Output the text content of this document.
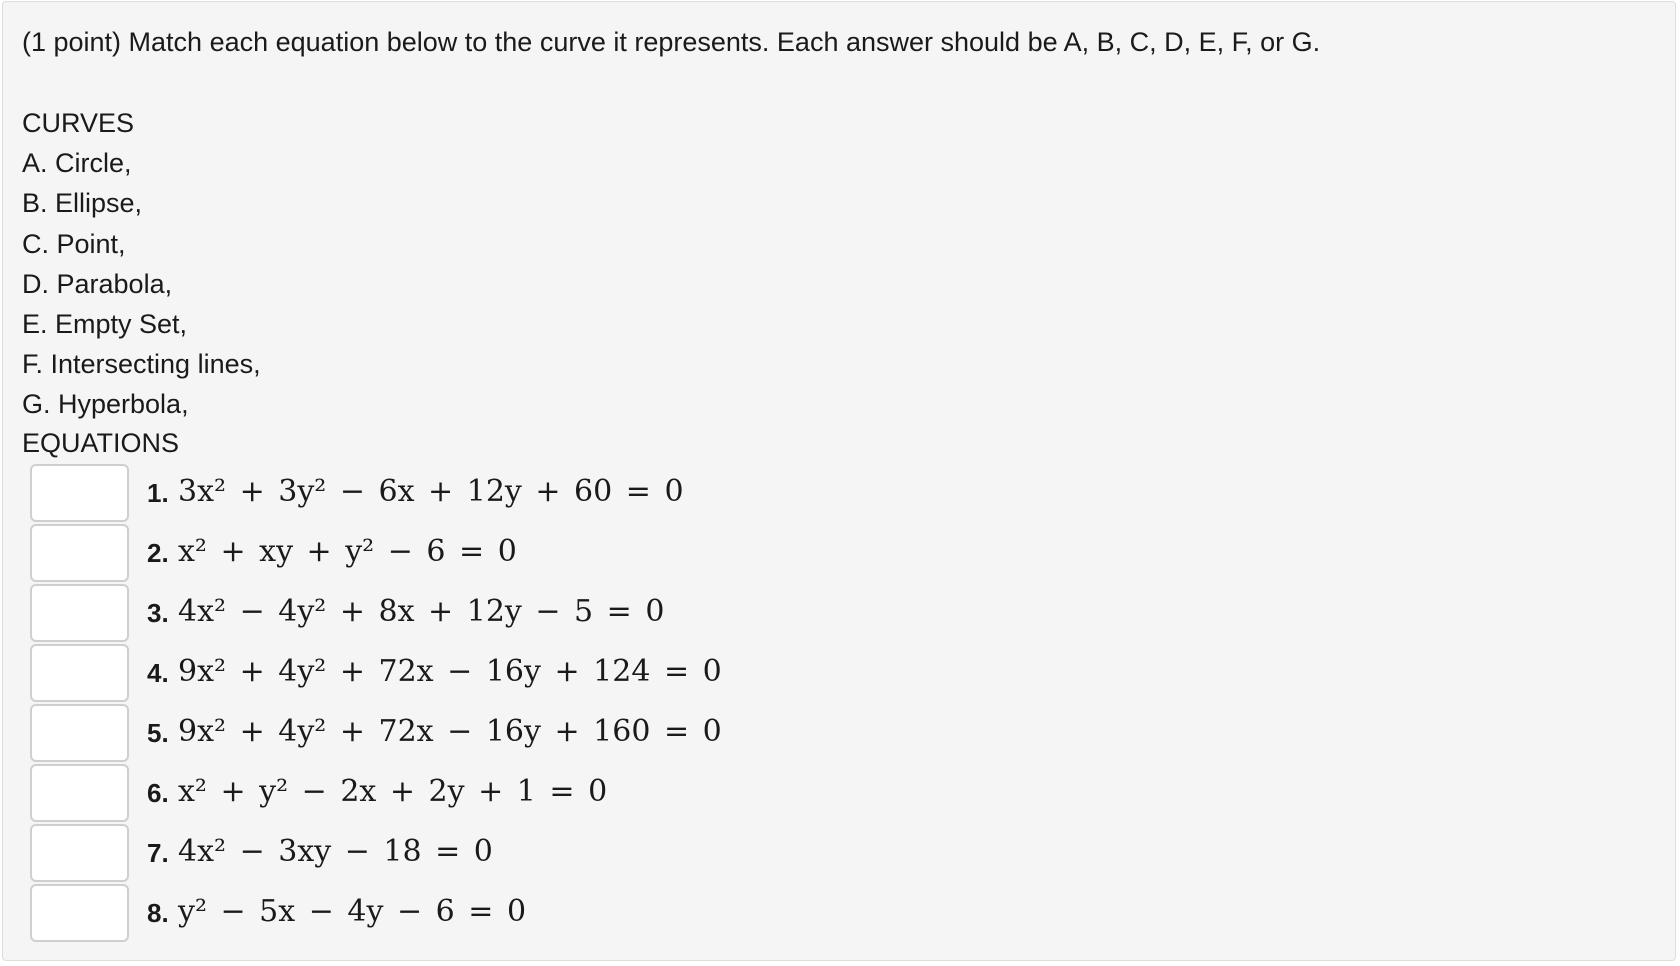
(1 point) Match each equation below to the curve it represents. Each answer should be A, B, C, D, E, F, or G.
CURVES
A. Circle,
B. Ellipse,
C. Point,
D. Parabola,
E. Empty Set,
F. Intersecting lines,
G. Hyperbola,
EQUATIONS
1. 3x² + 3y² − 6x + 12y + 60 = 0
2. x² + xy + y² − 6 = 0
3. 4x² − 4y² + 8x + 12y − 5 = 0
4. 9x² + 4y² + 72x − 16y + 124 = 0
5. 9x² + 4y² + 72x − 16y + 160 = 0
6. x² + y² − 2x + 2y + 1 = 0
7. 4x² − 3xy − 18 = 0
8. y² − 5x − 4y − 6 = 0
